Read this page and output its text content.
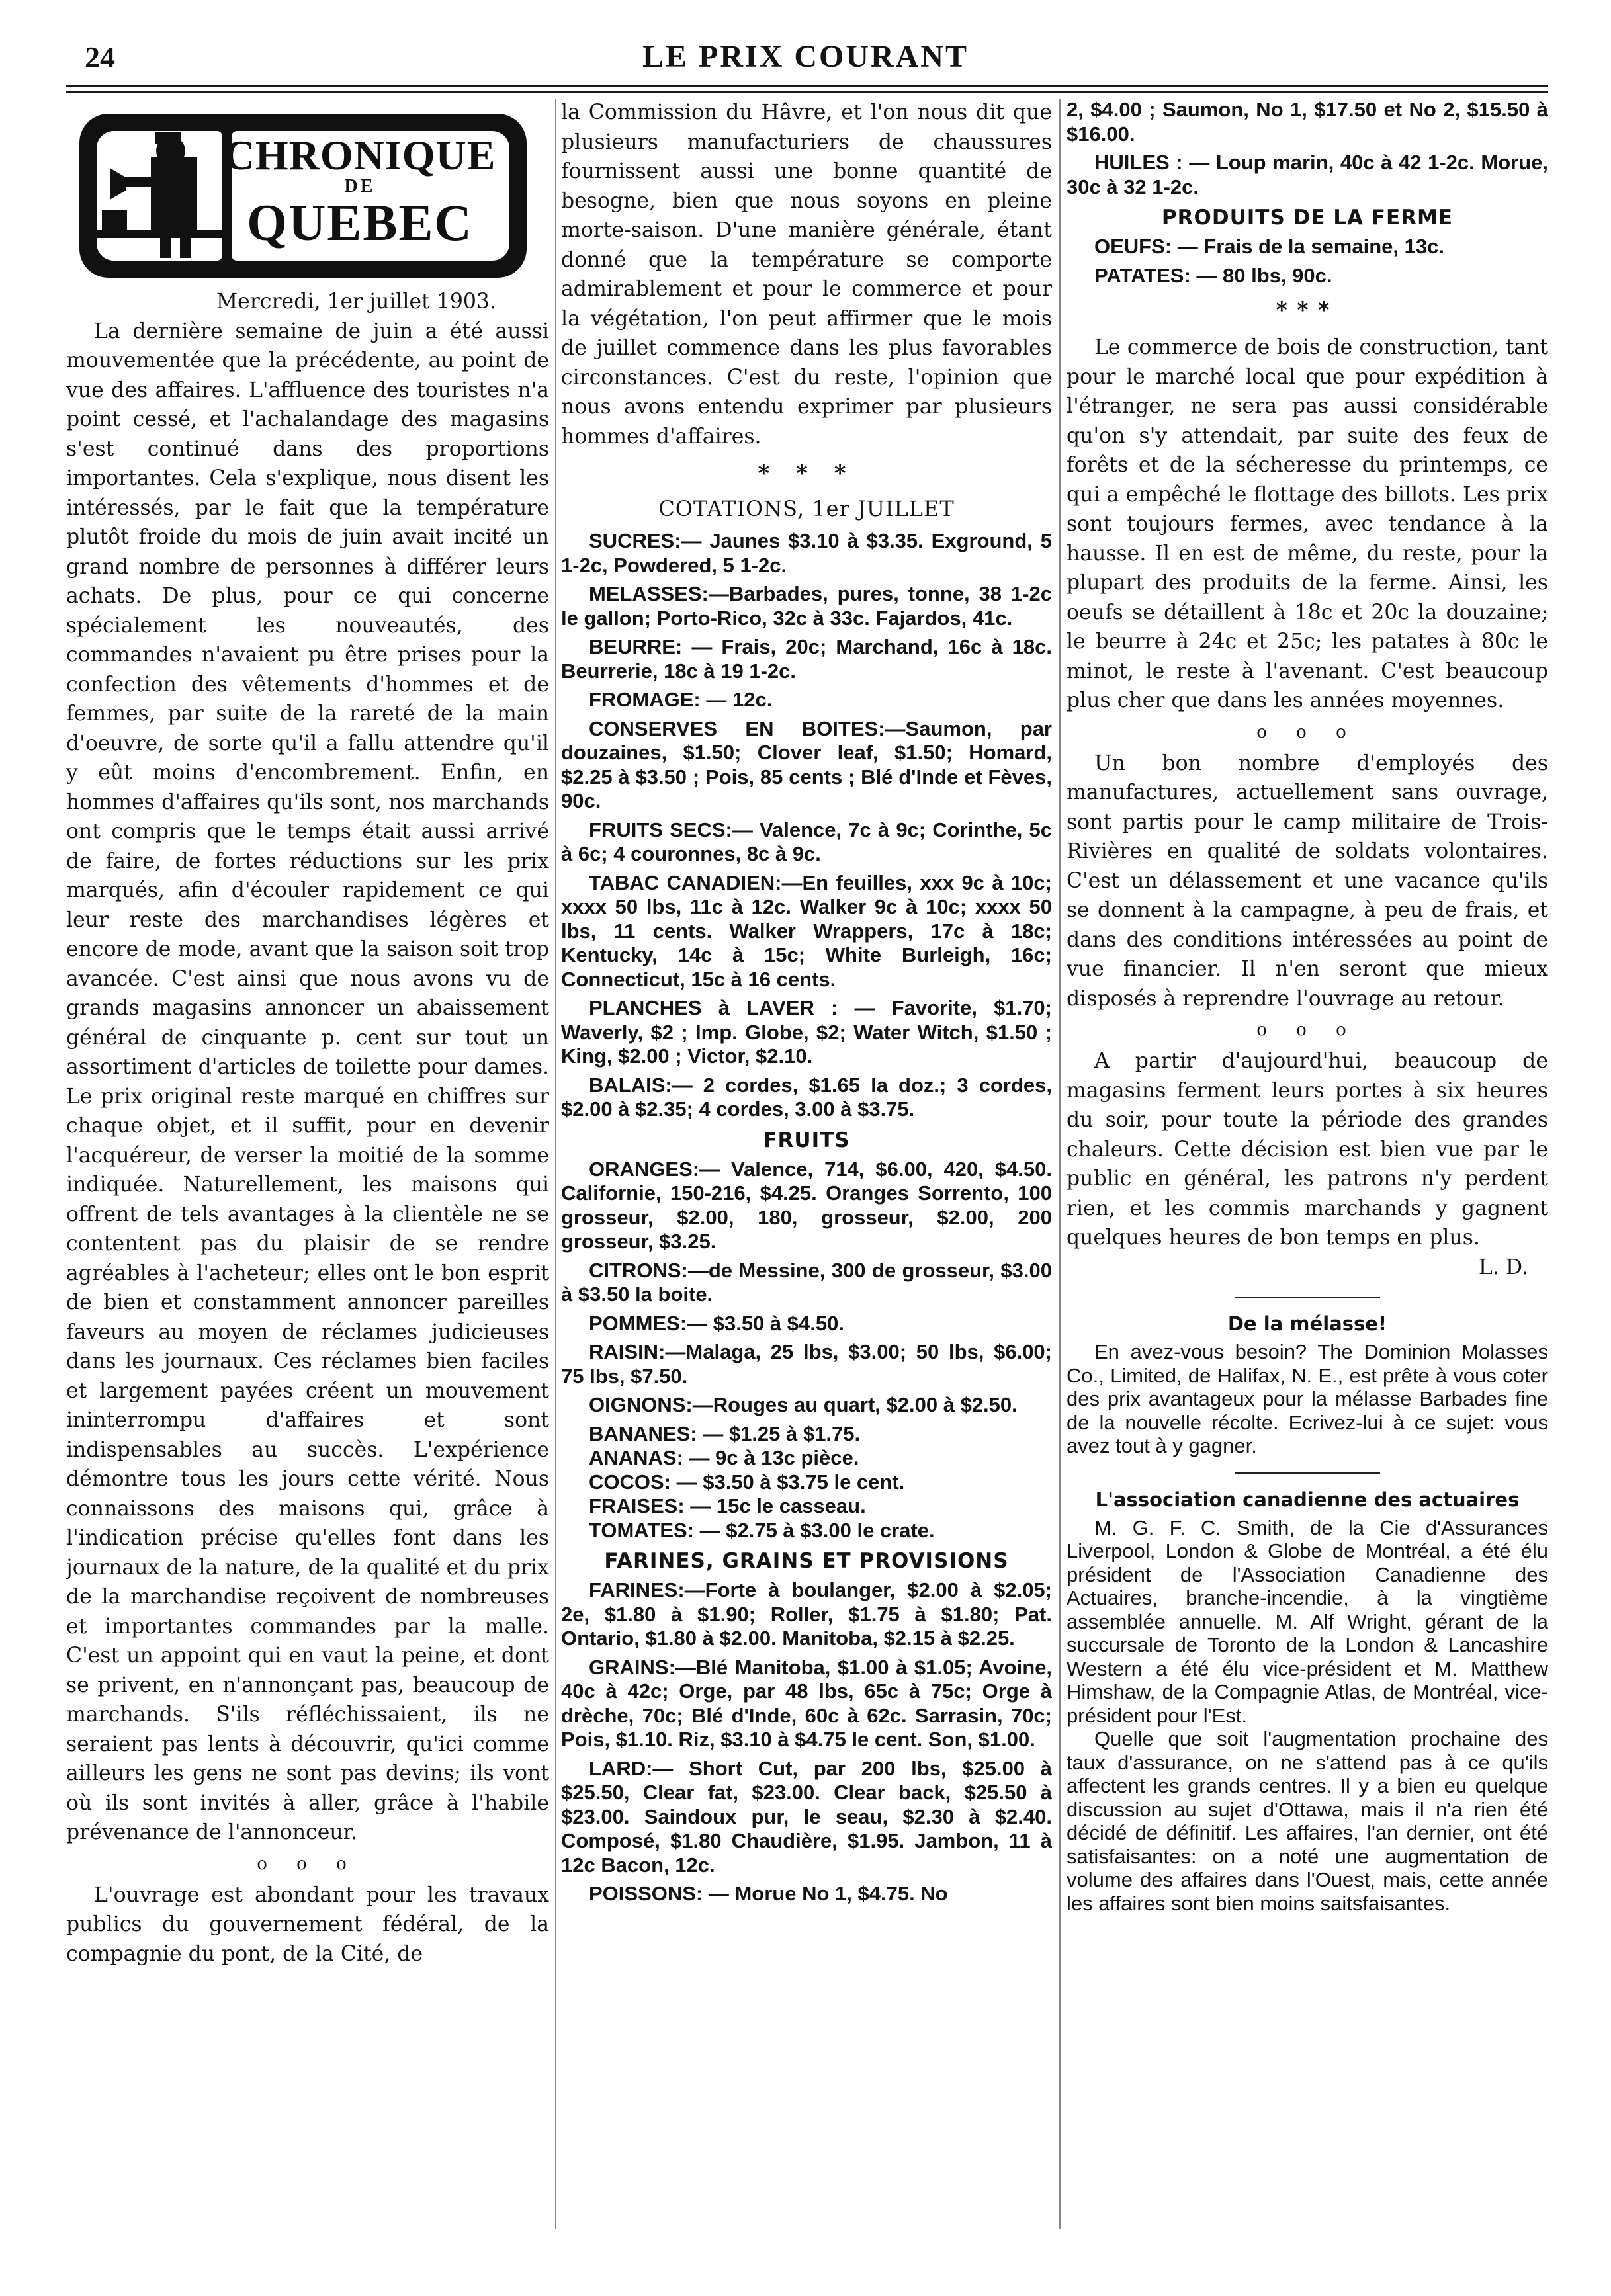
24	LE PRIX COURANT
CHRONIQUE
DE
QUEBEC

Mercredi, 1er juillet 1903.

La dernière semaine de juin a été aussi mouvementée que la précédente, au point de vue des affaires. L'affluence des touristes n'a point cessé, et l'achalandage des magasins s'est continué dans des proportions importantes. Cela s'explique, nous disent les intéressés, par le fait que la température plutôt froide du mois de juin avait incité un grand nombre de personnes à différer leurs achats. De plus, pour ce qui concerne spécialement les nouveautés, des commandes n'avaient pu être prises pour la confection des vêtements d'hommes et de femmes, par suite de la rareté de la main d'oeuvre, de sorte qu'il a fallu attendre qu'il y eût moins d'encombrement. Enfin, en hommes d'affaires qu'ils sont, nos marchands ont compris que le temps était aussi arrivé de faire, de fortes réductions sur les prix marqués, afin d'écouler rapidement ce qui leur reste des marchandises légères et encore de mode, avant que la saison soit trop avancée. C'est ainsi que nous avons vu de grands magasins annoncer un abaissement général de cinquante p. cent sur tout un assortiment d'articles de toilette pour dames. Le prix original reste marqué en chiffres sur chaque objet, et il suffit, pour en devenir l'acquéreur, de verser la moitié de la somme indiquée. Naturellement, les maisons qui offrent de tels avantages à la clientèle ne se contentent pas du plaisir de se rendre agréables à l'acheteur; elles ont le bon esprit de bien et constamment annoncer pareilles faveurs au moyen de réclames judicieuses dans les journaux. Ces réclames bien faciles et largement payées créent un mouvement ininterrompu d'affaires et sont indispensables au succès. L'expérience démontre tous les jours cette vérité. Nous connaissons des maisons qui, grâce à l'indication précise qu'elles font dans les journaux de la nature, de la qualité et du prix de la marchandise reçoivent de nombreuses et importantes commandes par la malle. C'est un appoint qui en vaut la peine, et dont se privent, en n'annonçant pas, beaucoup de marchands. S'ils réfléchissaient, ils ne seraient pas lents à découvrir, qu'ici comme ailleurs les gens ne sont pas devins; ils vont où ils sont invités à aller, grâce à l'habile prévenance de l'annonceur.

o o o

L'ouvrage est abondant pour les travaux publics du gouvernement fédéral, de la compagnie du pont, de la Cité, de

la Commission du Hâvre, et l'on nous dit que plusieurs manufacturiers de chaussures fournissent aussi une bonne quantité de besogne, bien que nous soyons en pleine morte-saison. D'une manière générale, étant donné que la température se comporte admirablement et pour le commerce et pour la végétation, l'on peut affirmer que le mois de juillet commence dans les plus favorables circonstances. C'est du reste, l'opinion que nous avons entendu exprimer par plusieurs hommes d'affaires.

* * *
COTATIONS, 1er JUILLET

SUCRES:— Jaunes $3.10 à $3.35. Exground, 5 1-2c, Powdered, 5 1-2c.

MELASSES:—Barbades, pures, tonne, 38 1-2c le gallon; Porto-Rico, 32c à 33c. Fajardos, 41c.

BEURRE: — Frais, 20c; Marchand, 16c à 18c. Beurrerie, 18c à 19 1-2c.

FROMAGE: — 12c.

CONSERVES EN BOITES:—Saumon, par douzaines, $1.50; Clover leaf, $1.50; Homard, $2.25 à $3.50 ; Pois, 85 cents ; Blé d'Inde et Fèves, 90c.

FRUITS SECS:— Valence, 7c à 9c; Corinthe, 5c à 6c; 4 couronnes, 8c à 9c.

TABAC CANADIEN:—En feuilles, xxx 9c à 10c; xxxx 50 lbs, 11c à 12c. Walker 9c à 10c; xxxx 50 lbs, 11 cents. Walker Wrappers, 17c à 18c; Kentucky, 14c à 15c; White Burleigh, 16c; Connecticut, 15c à 16 cents.

PLANCHES à LAVER : — Favorite, $1.70; Waverly, $2 ; Imp. Globe, $2; Water Witch, $1.50 ; King, $2.00 ; Victor, $2.10.

BALAIS:— 2 cordes, $1.65 la doz.; 3 cordes, $2.00 à $2.35; 4 cordes, 3.00 à $3.75.

FRUITS

ORANGES:— Valence, 714, $6.00, 420, $4.50. Californie, 150-216, $4.25. Oranges Sorrento, 100 grosseur, $2.00, 180, grosseur, $2.00, 200 grosseur, $3.25.

CITRONS:—de Messine, 300 de grosseur, $3.00 à $3.50 la boite.

POMMES:— $3.50 à $4.50.

RAISIN:—Malaga, 25 lbs, $3.00; 50 lbs, $6.00; 75 lbs, $7.50.

OIGNONS:—Rouges au quart, $2.00 à $2.50.

BANANES: — $1.25 à $1.75.

ANANAS: — 9c à 13c pièce.

COCOS: — $3.50 à $3.75 le cent.

FRAISES: — 15c le casseau.

TOMATES: — $2.75 à $3.00 le crate.

FARINES, GRAINS ET PROVISIONS

FARINES:—Forte à boulanger, $2.00 à $2.05; 2e, $1.80 à $1.90; Roller, $1.75 à $1.80; Pat. Ontario, $1.80 à $2.00. Manitoba, $2.15 à $2.25.

GRAINS:—Blé Manitoba, $1.00 à $1.05; Avoine, 40c à 42c; Orge, par 48 lbs, 65c à 75c; Orge à drèche, 70c; Blé d'Inde, 60c à 62c. Sarrasin, 70c; Pois, $1.10. Riz, $3.10 à $4.75 le cent. Son, $1.00.

LARD:— Short Cut, par 200 lbs, $25.00 à $25.50, Clear fat, $23.00. Clear back, $25.50 à $23.00. Saindoux pur, le seau, $2.30 à $2.40. Composé, $1.80 Chaudière, $1.95. Jambon, 11 à 12c Bacon, 12c.

POISSONS: — Morue No 1, $4.75. No

2, $4.00 ; Saumon, No 1, $17.50 et No 2, $15.50 à $16.00.

HUILES : — Loup marin, 40c à 42 1-2c. Morue, 30c à 32 1-2c.

PRODUITS DE LA FERME

OEUFS: — Frais de la semaine, 13c.

PATATES: — 80 lbs, 90c.

***

Le commerce de bois de construction, tant pour le marché local que pour expédition à l'étranger, ne sera pas aussi considérable qu'on s'y attendait, par suite des feux de forêts et de la sécheresse du printemps, ce qui a empêché le flottage des billots. Les prix sont toujours fermes, avec tendance à la hausse. Il en est de même, du reste, pour la plupart des produits de la ferme. Ainsi, les oeufs se détaillent à 18c et 20c la douzaine; le beurre à 24c et 25c; les patates à 80c le minot, le reste à l'avenant. C'est beaucoup plus cher que dans les années moyennes.

o o o

Un bon nombre d'employés des manufactures, actuellement sans ouvrage, sont partis pour le camp militaire de Trois-Rivières en qualité de soldats volontaires. C'est un délassement et une vacance qu'ils se donnent à la campagne, à peu de frais, et dans des conditions intéressées au point de vue financier. Il n'en seront que mieux disposés à reprendre l'ouvrage au retour.

o o o

A partir d'aujourd'hui, beaucoup de magasins ferment leurs portes à six heures du soir, pour toute la période des grandes chaleurs. Cette décision est bien vue par le public en général, les patrons n'y perdent rien, et les commis marchands y gagnent quelques heures de bon temps en plus.

L. D.

De la mélasse!

En avez-vous besoin? The Dominion Molasses Co., Limited, de Halifax, N. E., est prête à vous coter des prix avantageux pour la mélasse Barbades fine de la nouvelle récolte. Ecrivez-lui à ce sujet: vous avez tout à y gagner.

L'association canadienne des actuaires

M. G. F. C. Smith, de la Cie d'Assurances Liverpool, London & Globe de Montréal, a été élu président de l'Association Canadienne des Actuaires, branche-incendie, à la vingtième assemblée annuelle. M. Alf Wright, gérant de la succursale de Toronto de la London & Lancashire Western a été élu vice-président et M. Matthew Himshaw, de la Compagnie Atlas, de Montréal, vice-président pour l'Est.

Quelle que soit l'augmentation prochaine des taux d'assurance, on ne s'attend pas à ce qu'ils affectent les grands centres. Il y a bien eu quelque discussion au sujet d'Ottawa, mais il n'a rien été décidé de définitif. Les affaires, l'an dernier, ont été satisfaisantes: on a noté une augmentation de volume des affaires dans l'Ouest, mais, cette année les affaires sont bien moins saitsfaisantes.
